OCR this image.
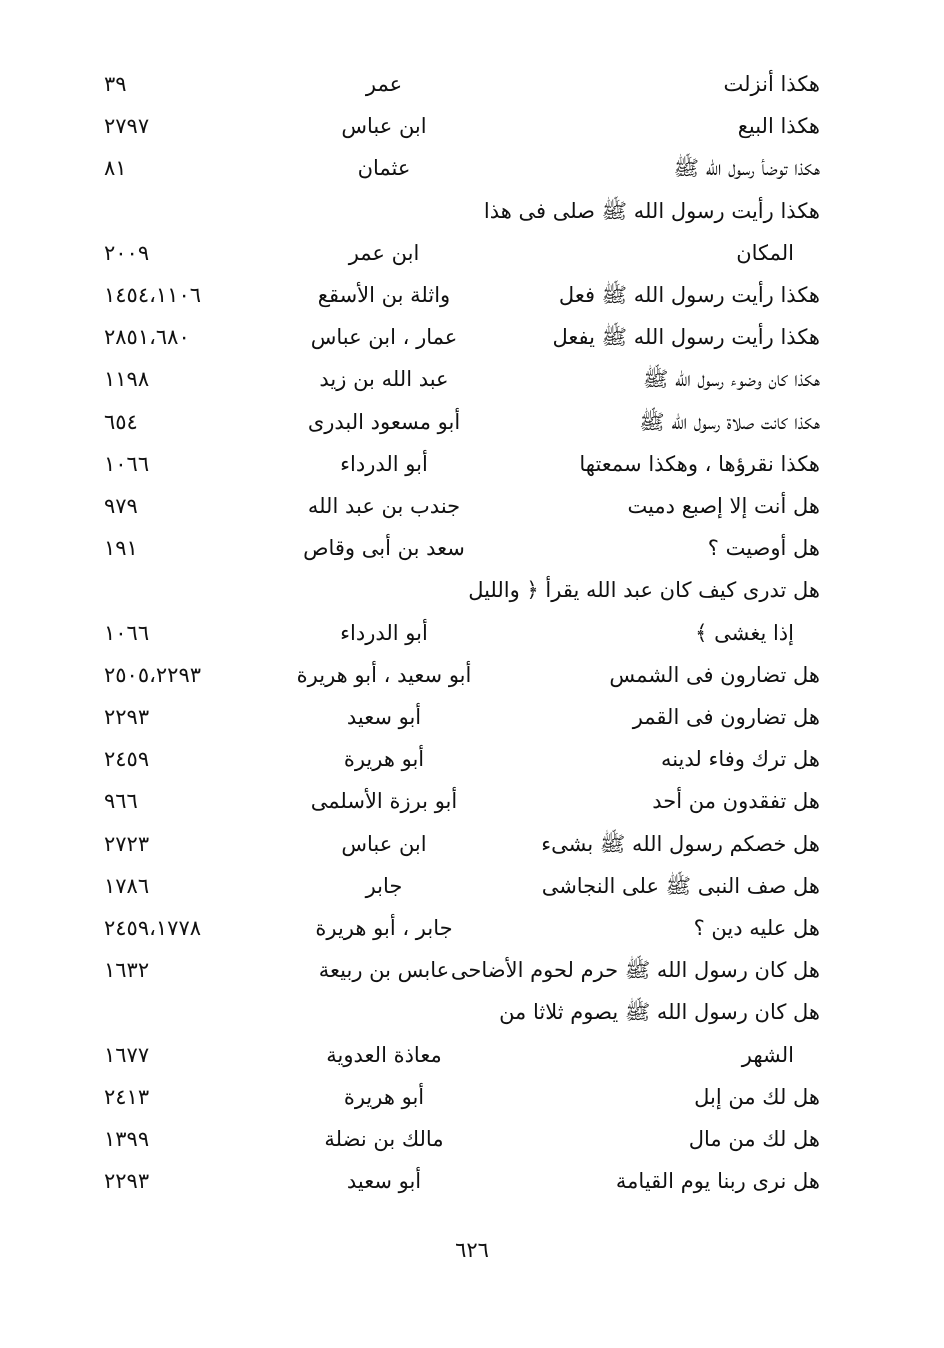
هكذا أنزلت
عمر
٣٩
هكذا البيع
ابن عباس
٢٧٩٧
هكذا توضأ رسول الله ﷺ
عثمان
٨١
هكذا رأيت رسول الله ﷺ صلى فى هذا
المكان
ابن عمر
٢٠٠٩
هكذا رأيت رسول الله ﷺ فعل
واثلة بن الأسقع
١٤٥٤،١١٠٦
هكذا رأيت رسول الله ﷺ يفعل
عمار ، ابن عباس
٢٨٥١،٦٨٠
هكذا كان وضوء رسول الله ﷺ
عبد الله بن زيد
١١٩٨
هكذا كانت صلاة رسول الله ﷺ
أبو مسعود البدرى
٦٥٤
هكذا نقرؤها ، وهكذا سمعتها
أبو الدرداء
١٠٦٦
هل أنت إلا إصبع دميت
جندب بن عبد الله
٩٧٩
هل أوصيت ؟
سعد بن أبى وقاص
١٩١
هل تدرى كيف كان عبد الله يقرأ ﴿ والليل
إذا يغشى ﴾
أبو الدرداء
١٠٦٦
هل تضارون فى الشمس
أبو سعيد ، أبو هريرة
٢٥٠٥،٢٢٩٣
هل تضارون فى القمر
أبو سعيد
٢٢٩٣
هل ترك وفاء لدينه
أبو هريرة
٢٤٥٩
هل تفقدون من أحد
أبو برزة الأسلمى
٩٦٦
هل خصكم رسول الله ﷺ بشىء
ابن عباس
٢٧٢٣
هل صف النبى ﷺ على النجاشى
جابر
١٧٨٦
هل عليه دين ؟
جابر ، أبو هريرة
٢٤٥٩،١٧٧٨
هل كان رسول الله ﷺ حرم لحوم الأضاحى
عابس بن ربيعة
١٦٣٢
هل كان رسول الله ﷺ يصوم ثلاثا من
الشهر
معاذة العدوية
١٦٧٧
هل لك من إبل
أبو هريرة
٢٤١٣
هل لك من مال
مالك بن نضلة
١٣٩٩
هل نرى ربنا يوم القيامة
أبو سعيد
٢٢٩٣
٦٢٦
